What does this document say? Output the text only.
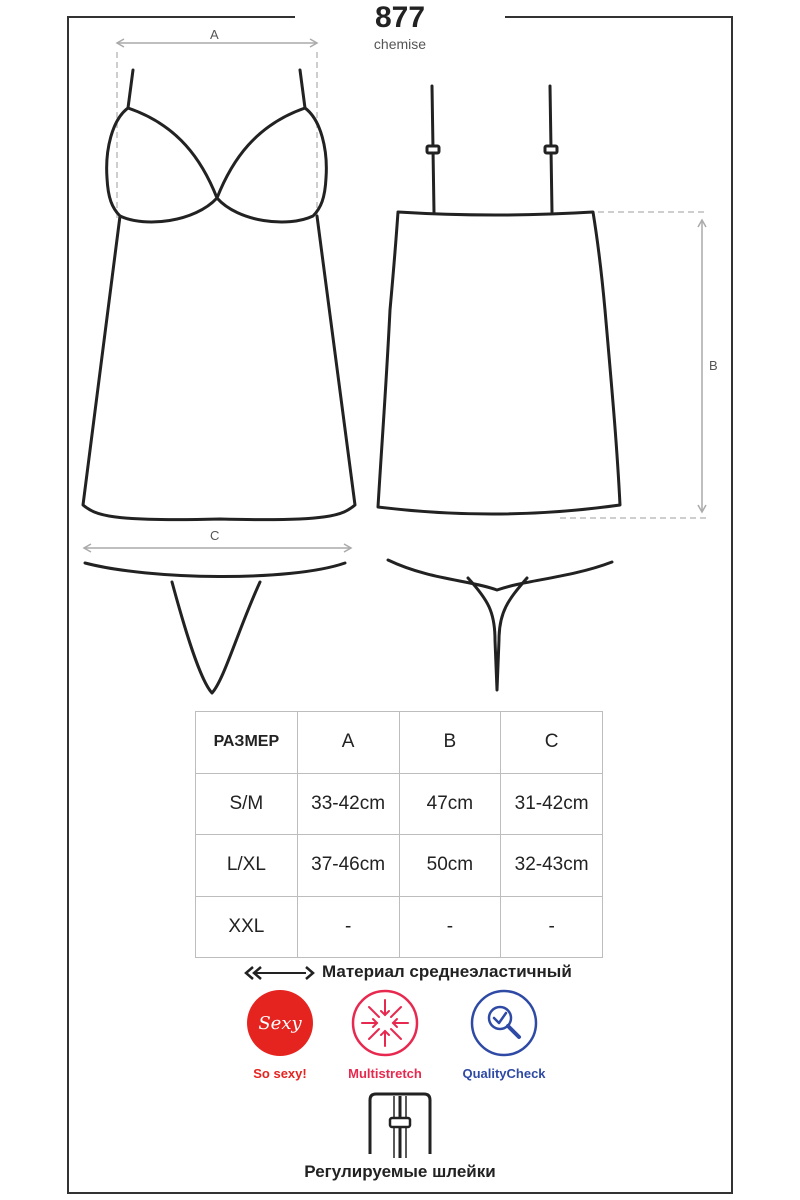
877
chemise
A
B
C
РАЗМЕР	A	B	C
S/M	33-42cm	47cm	31-42cm
L/XL	37-46cm	50cm	32-43cm
XXL	-	-	-
Материал среднеэластичный
Sexy
So sexy!	Multistretch	QualityCheck
Регулируемые шлейки
